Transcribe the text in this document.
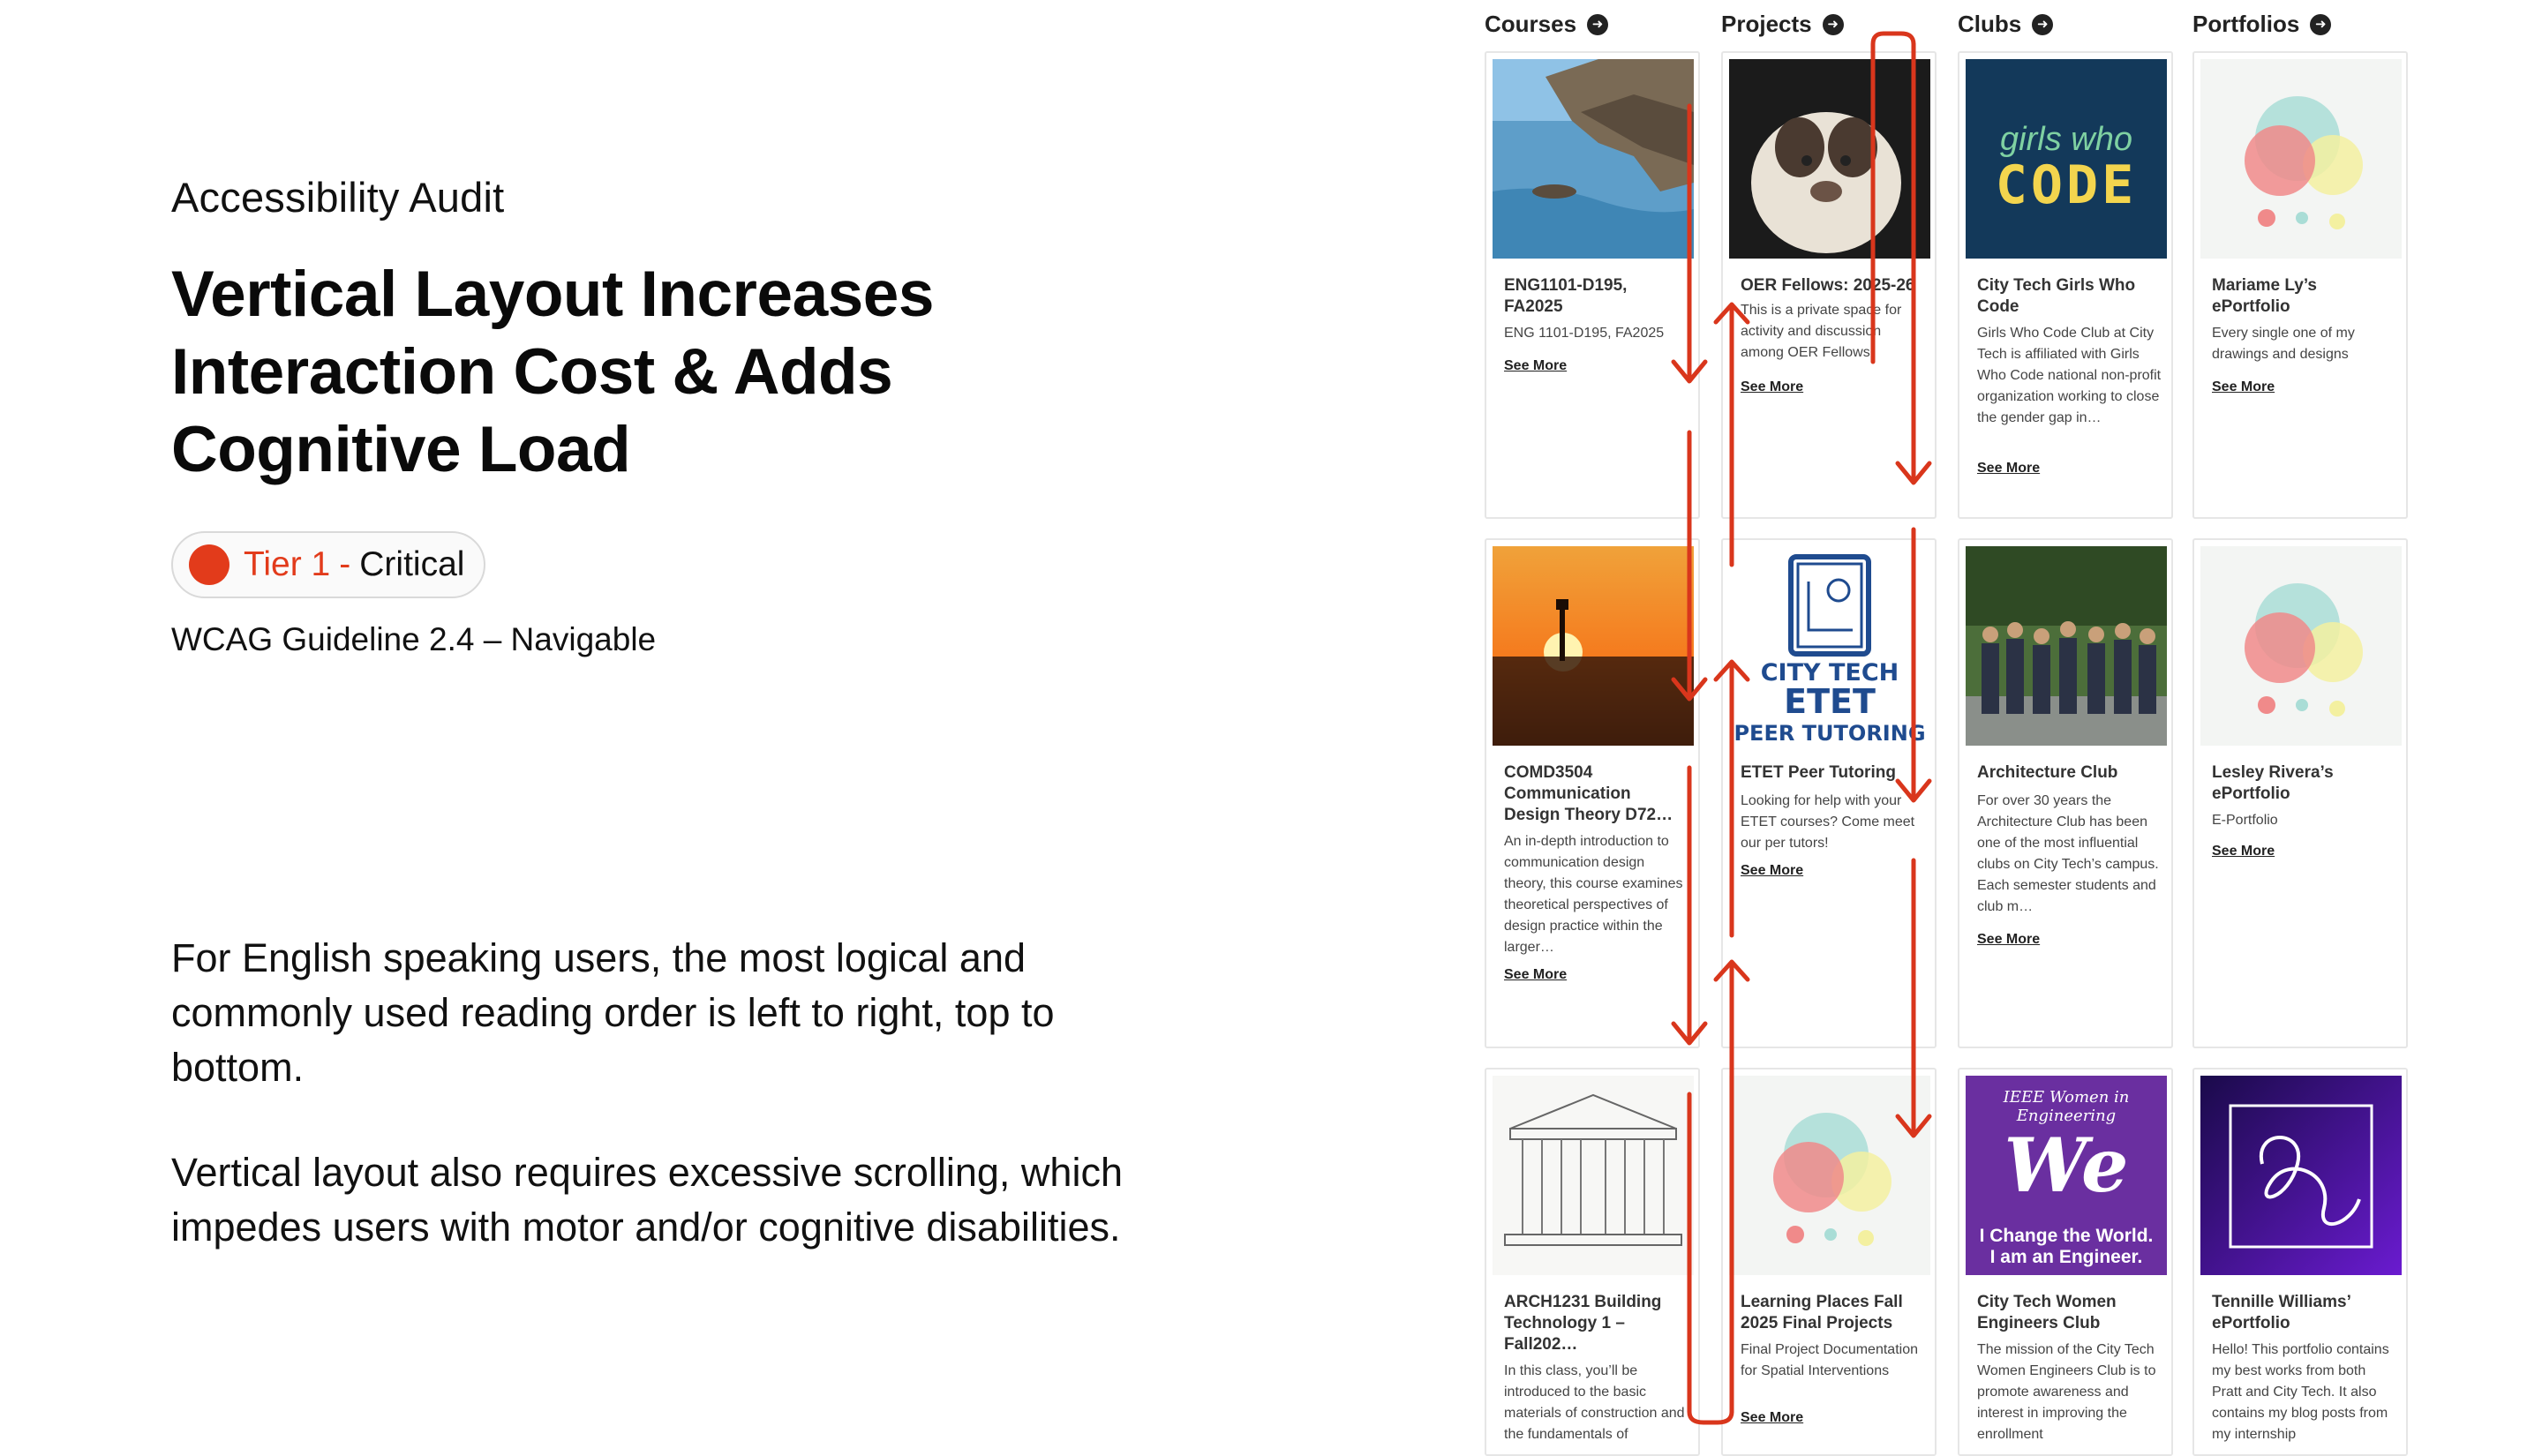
Accessibility Audit
Vertical Layout Increases Interaction Cost & Adds Cognitive Load
Tier 1 - Critical
WCAG Guideline 2.4 – Navigable
For English speaking users, the most logical and commonly used reading order is left to right, top to bottom.
Vertical layout also requires excessive scrolling, which impedes users with motor and/or cognitive disabilities.
Courses	➜	Projects	➜	Clubs	➜	Portfolios	➜
ENG1101-D195, FA2025
ENG 1101-D195, FA2025
See More
OER Fellows: 2025-26
This is a private space for activity and discussion among OER Fellows.
See More
girls who
CODE
City Tech Girls Who Code
Girls Who Code Club at City Tech is affiliated with Girls Who Code national non-profit organization working to close the gender gap in…
See More
Mariame Ly’s ePortfolio
Every single one of my drawings and designs
See More
COMD3504 Communication Design Theory D72…
An in-depth introduction to communication design theory, this course examines theoretical perspectives of design practice within the larger…
See More
CITY TECH
ETET
PEER TUTORING
ETET Peer Tutoring
Looking for help with your ETET courses? Come meet our per tutors!
See More
Architecture Club
For over 30 years the Architecture Club has been one of the most influential clubs on City Tech’s campus. Each semester students and club m…
See More
Lesley Rivera’s ePortfolio
E-Portfolio
See More
ARCH1231 Building Technology 1 – Fall202…
In this class, you’ll be introduced to the basic materials of construction and the fundamentals of
Learning Places Fall 2025 Final Projects
Final Project Documentation for Spatial Interventions
See More
IEEE Women in Engineering
We
I Change the World.
I am an Engineer.
City Tech Women Engineers Club
The mission of the City Tech Women Engineers Club is to promote awareness and interest in improving the enrollment
Tennille Williams’ ePortfolio
Hello! This portfolio contains my best works from both Pratt and City Tech. It also contains my blog posts from my internship
